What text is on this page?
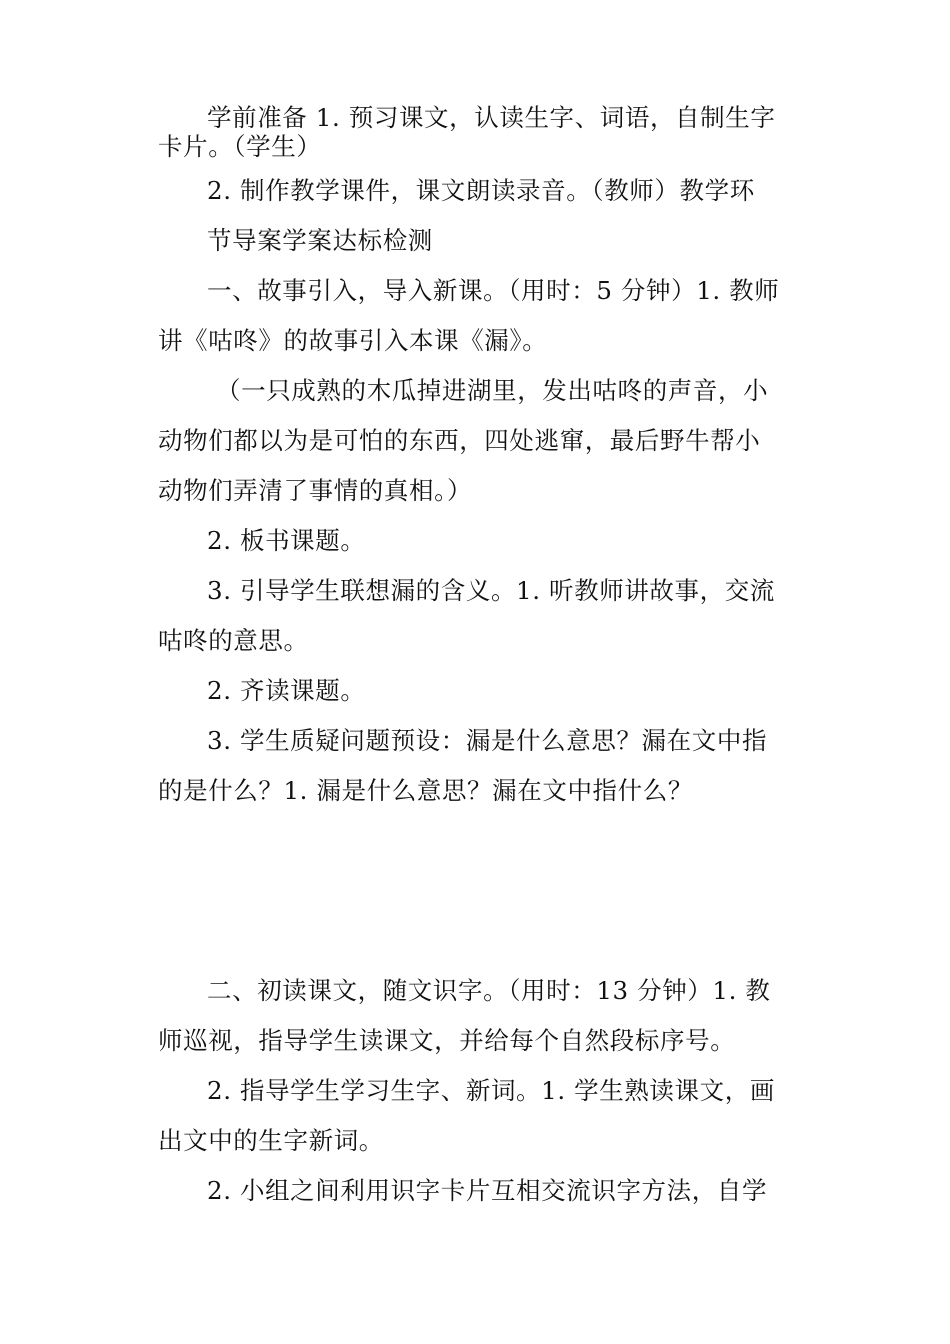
学前准备 1. 预习课文，认读生字、词语，自制生字
卡片。（学生）
2. 制作教学课件，课文朗读录音。（教师）教学环
节导案学案达标检测
一、故事引入，导入新课。（用时：5 分钟）1. 教师
讲《咕咚》的故事引入本课《漏》。
（一只成熟的木瓜掉进湖里，发出咕咚的声音，小
动物们都以为是可怕的东西，四处逃窜，最后野牛帮小
动物们弄清了事情的真相。）
2. 板书课题。
3. 引导学生联想漏的含义。1. 听教师讲故事，交流
咕咚的意思。
2. 齐读课题。
3. 学生质疑问题预设：漏是什么意思？漏在文中指
的是什么？1. 漏是什么意思？漏在文中指什么？
二、初读课文，随文识字。（用时：13 分钟）1. 教
师巡视，指导学生读课文，并给每个自然段标序号。
2. 指导学生学习生字、新词。1. 学生熟读课文，画
出文中的生字新词。
2. 小组之间利用识字卡片互相交流识字方法，自学
